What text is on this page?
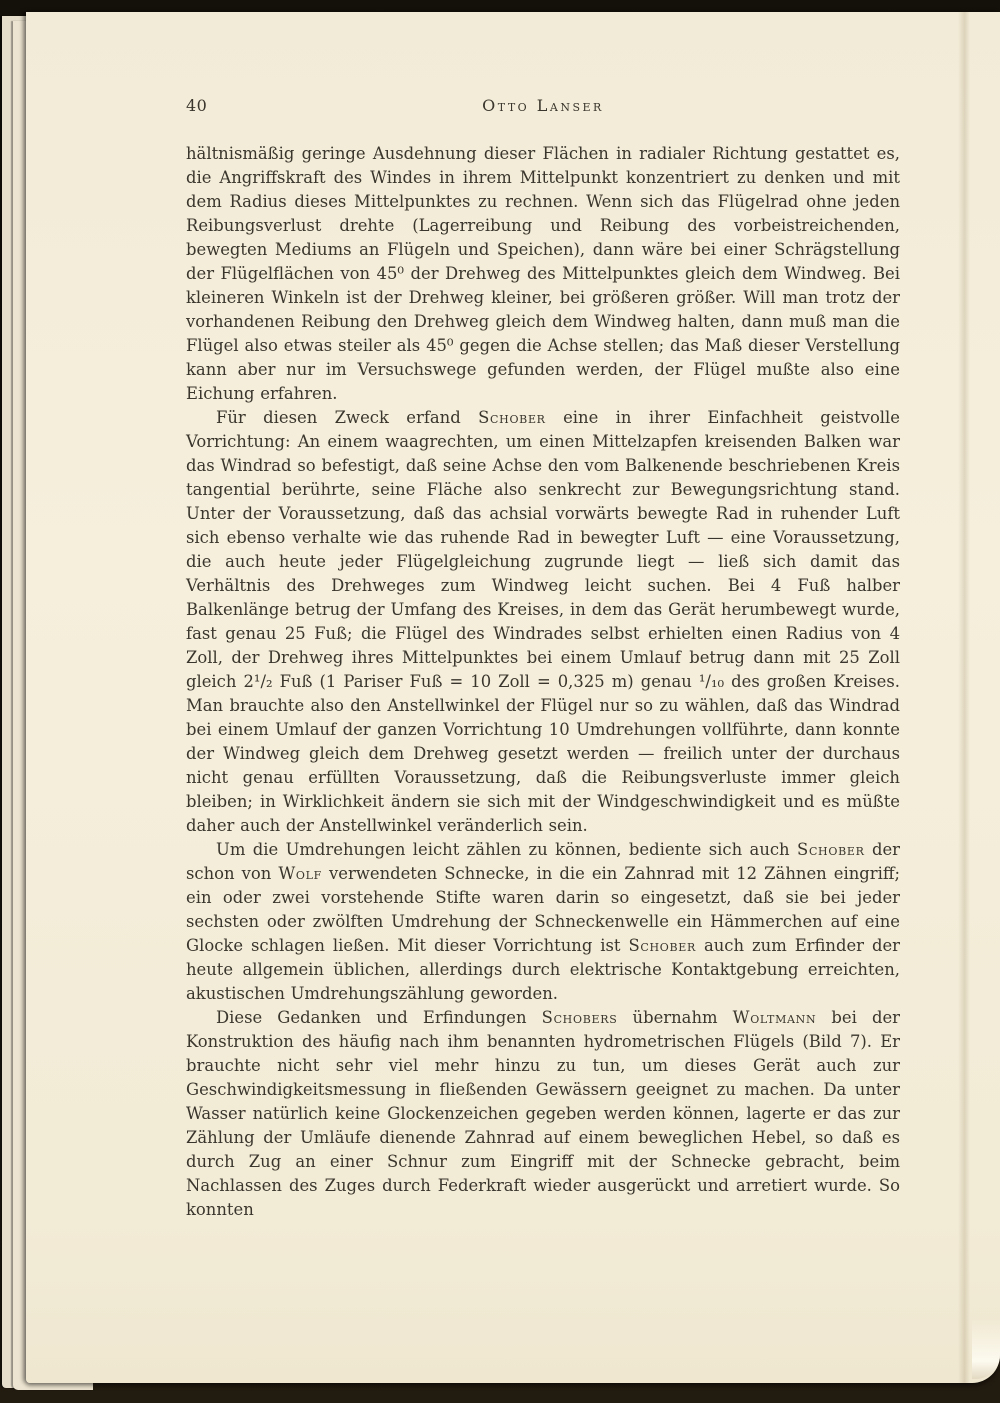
40	Otto Lanser

hältnismäßig geringe Ausdehnung dieser Flächen in radialer Richtung gestattet es, die Angriffskraft des Windes in ihrem Mittelpunkt konzentriert zu denken und mit dem Radius dieses Mittelpunktes zu rechnen. Wenn sich das Flügelrad ohne jeden Reibungsverlust drehte (Lagerreibung und Reibung des vorbeistreichenden, bewegten Mediums an Flügeln und Speichen), dann wäre bei einer Schrägstellung der Flügelflächen von 45⁰ der Drehweg des Mittelpunktes gleich dem Windweg. Bei kleineren Winkeln ist der Drehweg kleiner, bei größeren größer. Will man trotz der vorhandenen Reibung den Drehweg gleich dem Windweg halten, dann muß man die Flügel also etwas steiler als 45⁰ gegen die Achse stellen; das Maß dieser Verstellung kann aber nur im Versuchswege gefunden werden, der Flügel mußte also eine Eichung erfahren.

Für diesen Zweck erfand Schober eine in ihrer Einfachheit geistvolle Vorrichtung: An einem waagrechten, um einen Mittelzapfen kreisenden Balken war das Windrad so befestigt, daß seine Achse den vom Balkenende beschriebenen Kreis tangential berührte, seine Fläche also senkrecht zur Bewegungsrichtung stand. Unter der Voraussetzung, daß das achsial vorwärts bewegte Rad in ruhender Luft sich ebenso verhalte wie das ruhende Rad in bewegter Luft — eine Voraussetzung, die auch heute jeder Flügelgleichung zugrunde liegt — ließ sich damit das Verhältnis des Drehweges zum Windweg leicht suchen. Bei 4 Fuß halber Balkenlänge betrug der Umfang des Kreises, in dem das Gerät herumbewegt wurde, fast genau 25 Fuß; die Flügel des Windrades selbst erhielten einen Radius von 4 Zoll, der Drehweg ihres Mittelpunktes bei einem Umlauf betrug dann mit 25 Zoll gleich 2¹/₂ Fuß (1 Pariser Fuß = 10 Zoll = 0,325 m) genau ¹/₁₀ des großen Kreises. Man brauchte also den Anstellwinkel der Flügel nur so zu wählen, daß das Windrad bei einem Umlauf der ganzen Vorrichtung 10 Umdrehungen vollführte, dann konnte der Windweg gleich dem Drehweg gesetzt werden — freilich unter der durchaus nicht genau erfüllten Voraussetzung, daß die Reibungsverluste immer gleich bleiben; in Wirklichkeit ändern sie sich mit der Windgeschwindigkeit und es müßte daher auch der Anstellwinkel veränderlich sein.

Um die Umdrehungen leicht zählen zu können, bediente sich auch Schober der schon von Wolf verwendeten Schnecke, in die ein Zahnrad mit 12 Zähnen eingriff; ein oder zwei vorstehende Stifte waren darin so eingesetzt, daß sie bei jeder sechsten oder zwölften Umdrehung der Schneckenwelle ein Hämmerchen auf eine Glocke schlagen ließen. Mit dieser Vorrichtung ist Schober auch zum Erfinder der heute allgemein üblichen, allerdings durch elektrische Kontaktgebung erreichten, akustischen Umdrehungszählung geworden.

Diese Gedanken und Erfindungen Schobers übernahm Woltmann bei der Konstruktion des häufig nach ihm benannten hydrometrischen Flügels (Bild 7). Er brauchte nicht sehr viel mehr hinzu zu tun, um dieses Gerät auch zur Geschwindigkeitsmessung in fließenden Gewässern geeignet zu machen. Da unter Wasser natürlich keine Glockenzeichen gegeben werden können, lagerte er das zur Zählung der Umläufe dienende Zahnrad auf einem beweglichen Hebel, so daß es durch Zug an einer Schnur zum Eingriff mit der Schnecke gebracht, beim Nachlassen des Zuges durch Federkraft wieder ausgerückt und arretiert wurde. So konnten
